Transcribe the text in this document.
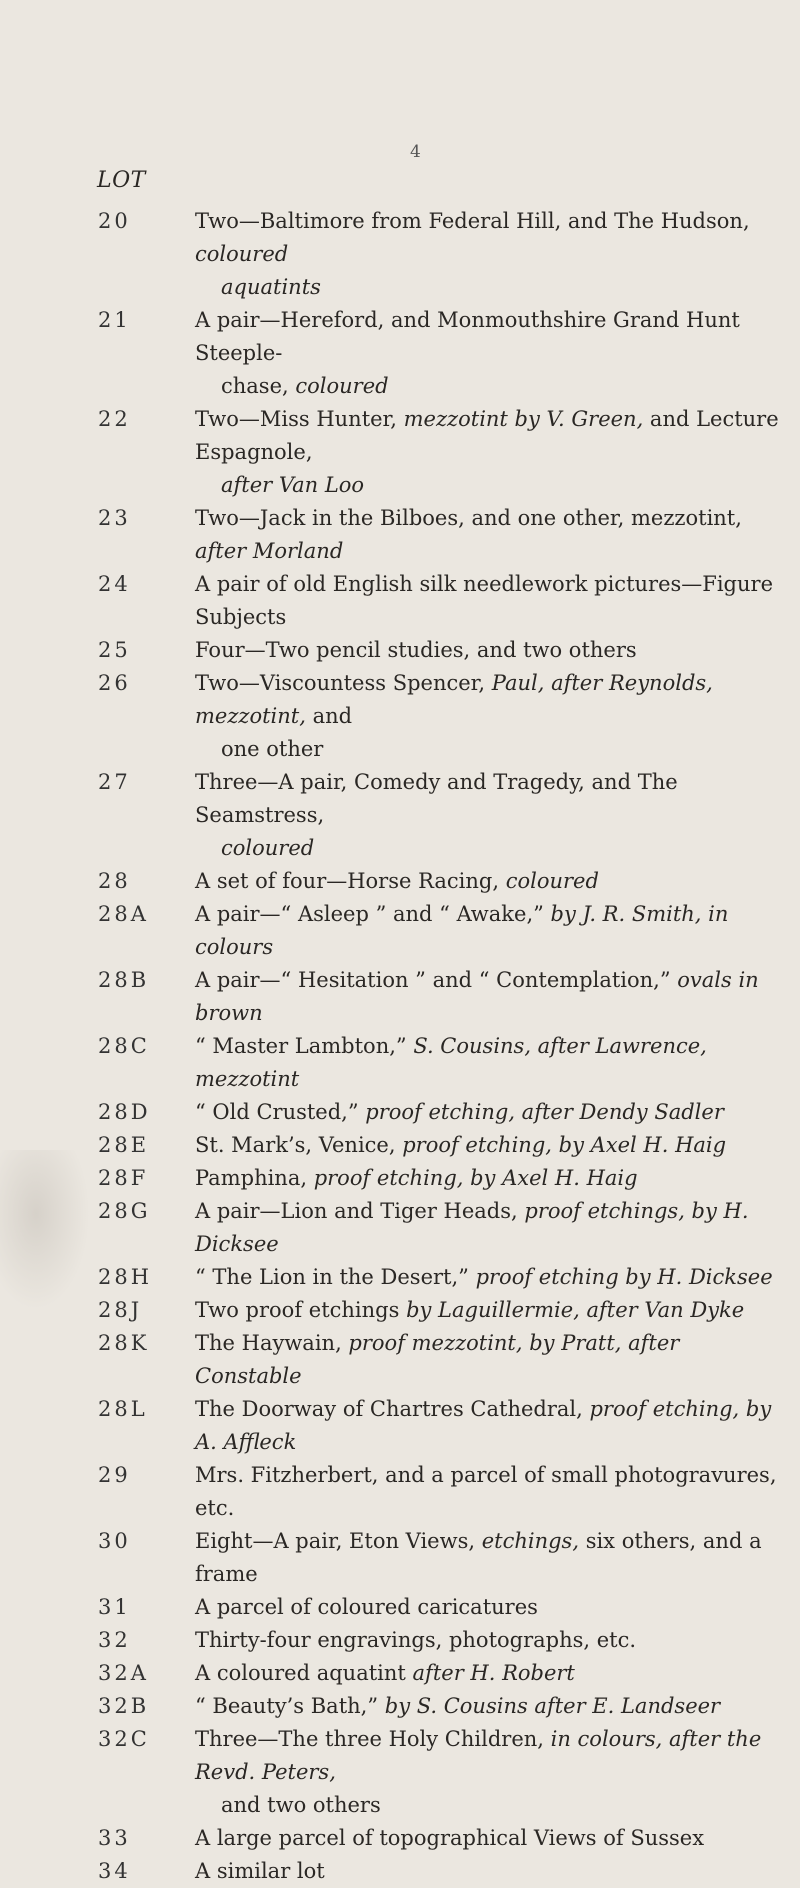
4
LOT
20	Two—Baltimore from Federal Hill, and The Hudson, coloured
aquatints
21	A pair—Hereford, and Monmouthshire Grand Hunt Steeple-
chase, coloured
22	Two—Miss Hunter, mezzotint by V. Green, and Lecture Espagnole,
after Van Loo
23	Two—Jack in the Bilboes, and one other, mezzotint, after Morland
24	A pair of old English silk needlework pictures—Figure Subjects
25	Four—Two pencil studies, and two others
26	Two—Viscountess Spencer, Paul, after Reynolds, mezzotint, and
one other
27	Three—A pair, Comedy and Tragedy, and The Seamstress,
coloured
28	A set of four—Horse Racing, coloured
28A	A pair—“ Asleep ” and “ Awake,” by J. R. Smith, in colours
28B	A pair—“ Hesitation ” and “ Contemplation,” ovals in brown
28C	“ Master Lambton,” S. Cousins, after Lawrence, mezzotint
28D	“ Old Crusted,” proof etching, after Dendy Sadler
28E	St. Mark’s, Venice, proof etching, by Axel H. Haig
28F	Pamphina, proof etching, by Axel H. Haig
28G	A pair—Lion and Tiger Heads, proof etchings, by H. Dicksee
28H	“ The Lion in the Desert,” proof etching by H. Dicksee
28J	Two proof etchings by Laguillermie, after Van Dyke
28K	The Haywain, proof mezzotint, by Pratt, after Constable
28L	The Doorway of Chartres Cathedral, proof etching, by A. Affleck
29	Mrs. Fitzherbert, and a parcel of small photogravures, etc.
30	Eight—A pair, Eton Views, etchings, six others, and a frame
31	A parcel of coloured caricatures
32	Thirty-four engravings, photographs, etc.
32A	A coloured aquatint after H. Robert
32B	“ Beauty’s Bath,” by S. Cousins after E. Landseer
32C	Three—The three Holy Children, in colours, after the Revd. Peters,
and two others
33	A large parcel of topographical Views of Sussex
34	A similar lot
